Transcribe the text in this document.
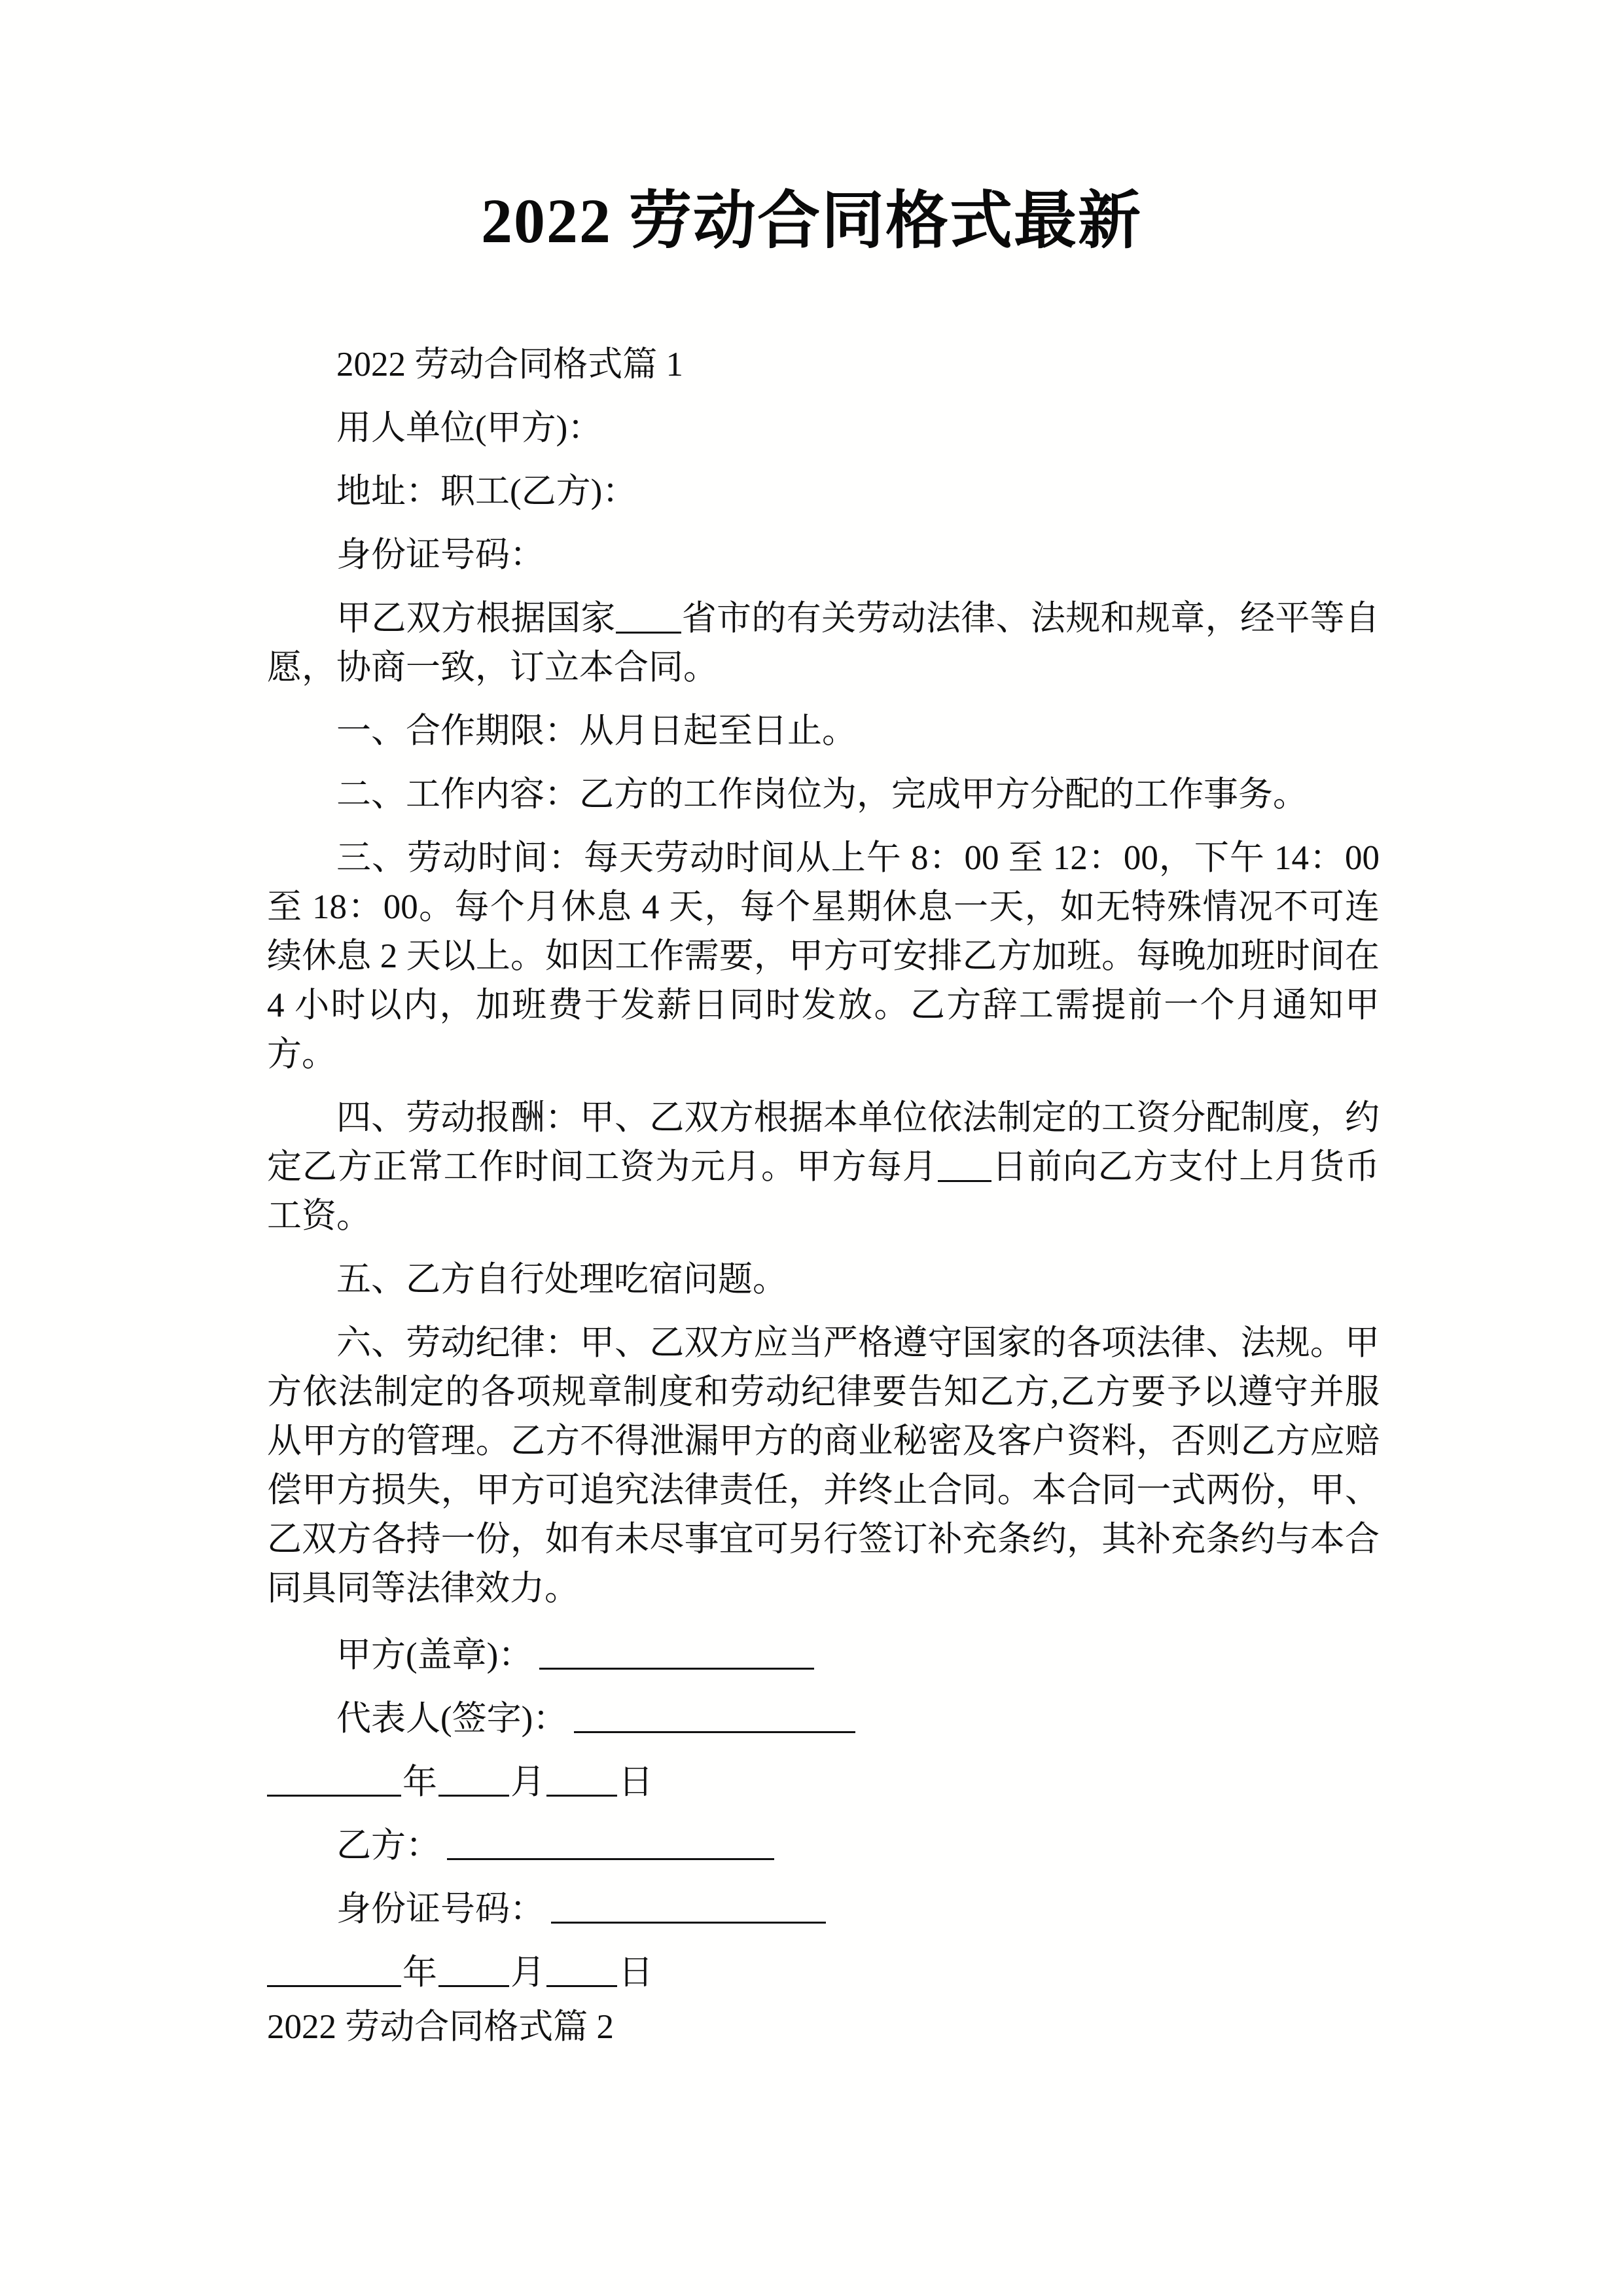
2022 劳动合同格式最新

2022 劳动合同格式篇 1

用人单位(甲方)：

地址：职工(乙方)：

身份证号码：

甲乙双方根据国家 省市的有关劳动法律、法规和规章，经平等自愿，协商一致，订立本合同。

一、合作期限：从月日起至日止。

二、工作内容：乙方的工作岗位为，完成甲方分配的工作事务。

三、劳动时间：每天劳动时间从上午 8：00 至 12：00，下午 14：00 至 18：00。每个月休息 4 天，每个星期休息一天，如无特殊情况不可连续休息 2 天以上。如因工作需要，甲方可安排乙方加班。每晚加班时间在 4 小时以内，加班费于发薪日同时发放。乙方辞工需提前一个月通知甲方。

四、劳动报酬：甲、乙双方根据本单位依法制定的工资分配制度，约定乙方正常工作时间工资为元月。甲方每月 日前向乙方支付上月货币工资。

五、乙方自行处理吃宿问题。

六、劳动纪律：甲、乙双方应当严格遵守国家的各项法律、法规。甲方依法制定的各项规章制度和劳动纪律要告知乙方,乙方要予以遵守并服从甲方的管理。乙方不得泄漏甲方的商业秘密及客户资料，否则乙方应赔偿甲方损失，甲方可追究法律责任，并终止合同。本合同一式两份，甲、乙双方各持一份，如有未尽事宜可另行签订补充条约，其补充条约与本合同具同等法律效力。

甲方(盖章)：
代表人(签字)：
年 月 日
乙方：
身份证号码：
年 月 日
2022 劳动合同格式篇 2
